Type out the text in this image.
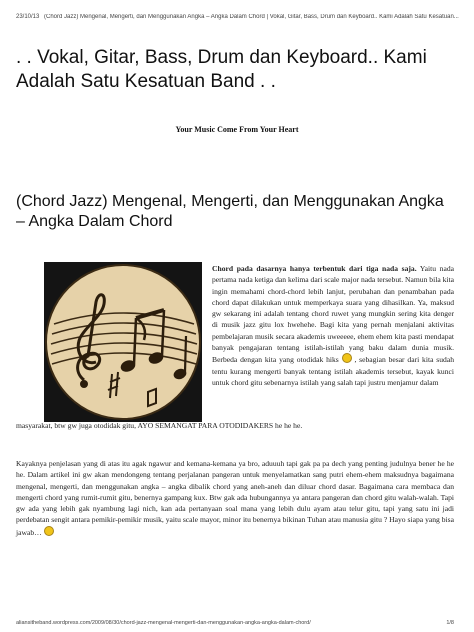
23/10/13 (Chord Jazz) Mengenal, Mengerti, dan Menggunakan Angka – Angka Dalam Chord | Vokal, Gitar, Bass, Drum dan Keyboard.. Kami Adalah Satu Kesatuan...
. . Vokal, Gitar, Bass, Drum dan Keyboard.. Kami Adalah Satu Kesatuan Band . .
Your Music Come From Your Heart
(Chord Jazz) Mengenal, Mengerti, dan Menggunakan Angka – Angka Dalam Chord

Chord pada dasarnya hanya terbentuk dari tiga nada saja. Yaitu nada pertama nada ketiga dan kelima dari scale major nada tersebut. Namun bila kita ingin memahami chord-chord lebih lanjut, perubahan dan penambahan pada chord dapat dilakukan untuk memperkaya suara yang dihasilkan. Ya, maksud gw sekarang ini adalah tentang chord ruwet yang mungkin sering kita denger di musik jazz gitu lox hwehehe. Bagi kita yang pernah menjalani aktivitas pembelajaran musik secara akademis uweeeee, ehem ehem kita pasti mendapat banyak pengajaran tentang istilah-istilah yang baku dalam dunia musik. Berbeda dengan kita yang otodidak hiks  , sebagian besar dari kita sudah tentu kurang mengerti banyak tentang istilah akademis tersebut, kayak kunci untuk chord gitu sebenarnya istilah yang salah tapi justru menjamur dalam

masyarakat, btw gw juga otodidak gitu, AYO SEMANGAT PARA OTODIDAKERS he he he.

Kayaknya penjelasan yang di atas itu agak ngawur and kemana-kemana ya bro, aduuuh tapi gak pa pa dech yang penting judulnya bener he he he. Dalam artikel ini gw akan mendongeng tentang perjalanan pangeran untuk menyelamatkan sang putri ehem-ehem maksudnya bagaimana mengenal, mengerti, dan menggunakan angka – angka dibalik chord yang aneh-aneh dan diluar chord dasar. Bagaimana cara membaca dan mengerti chord yang rumit-rumit gitu, benernya gampang kux. Btw gak ada hubungannya ya antara pangeran dan chord gitu walah-walah. Tapi gw ada yang lebih gak nyambung lagi nich, kan ada pertanyaan soal mana yang lebih dulu ayam atau telur gitu, tapi yang satu ini jadi perdebatan sengit antara pemikir-pemikir musik, yaitu scale mayor, minor itu benernya bikinan Tuhan atau manusia gitu ? Hayo siapa yang bisa jawab…

aliansitheband.wordpress.com/2009/08/30/chord-jazz-mengenal-mengerti-dan-menggunakan-angka-angka-dalam-chord/	1/8
